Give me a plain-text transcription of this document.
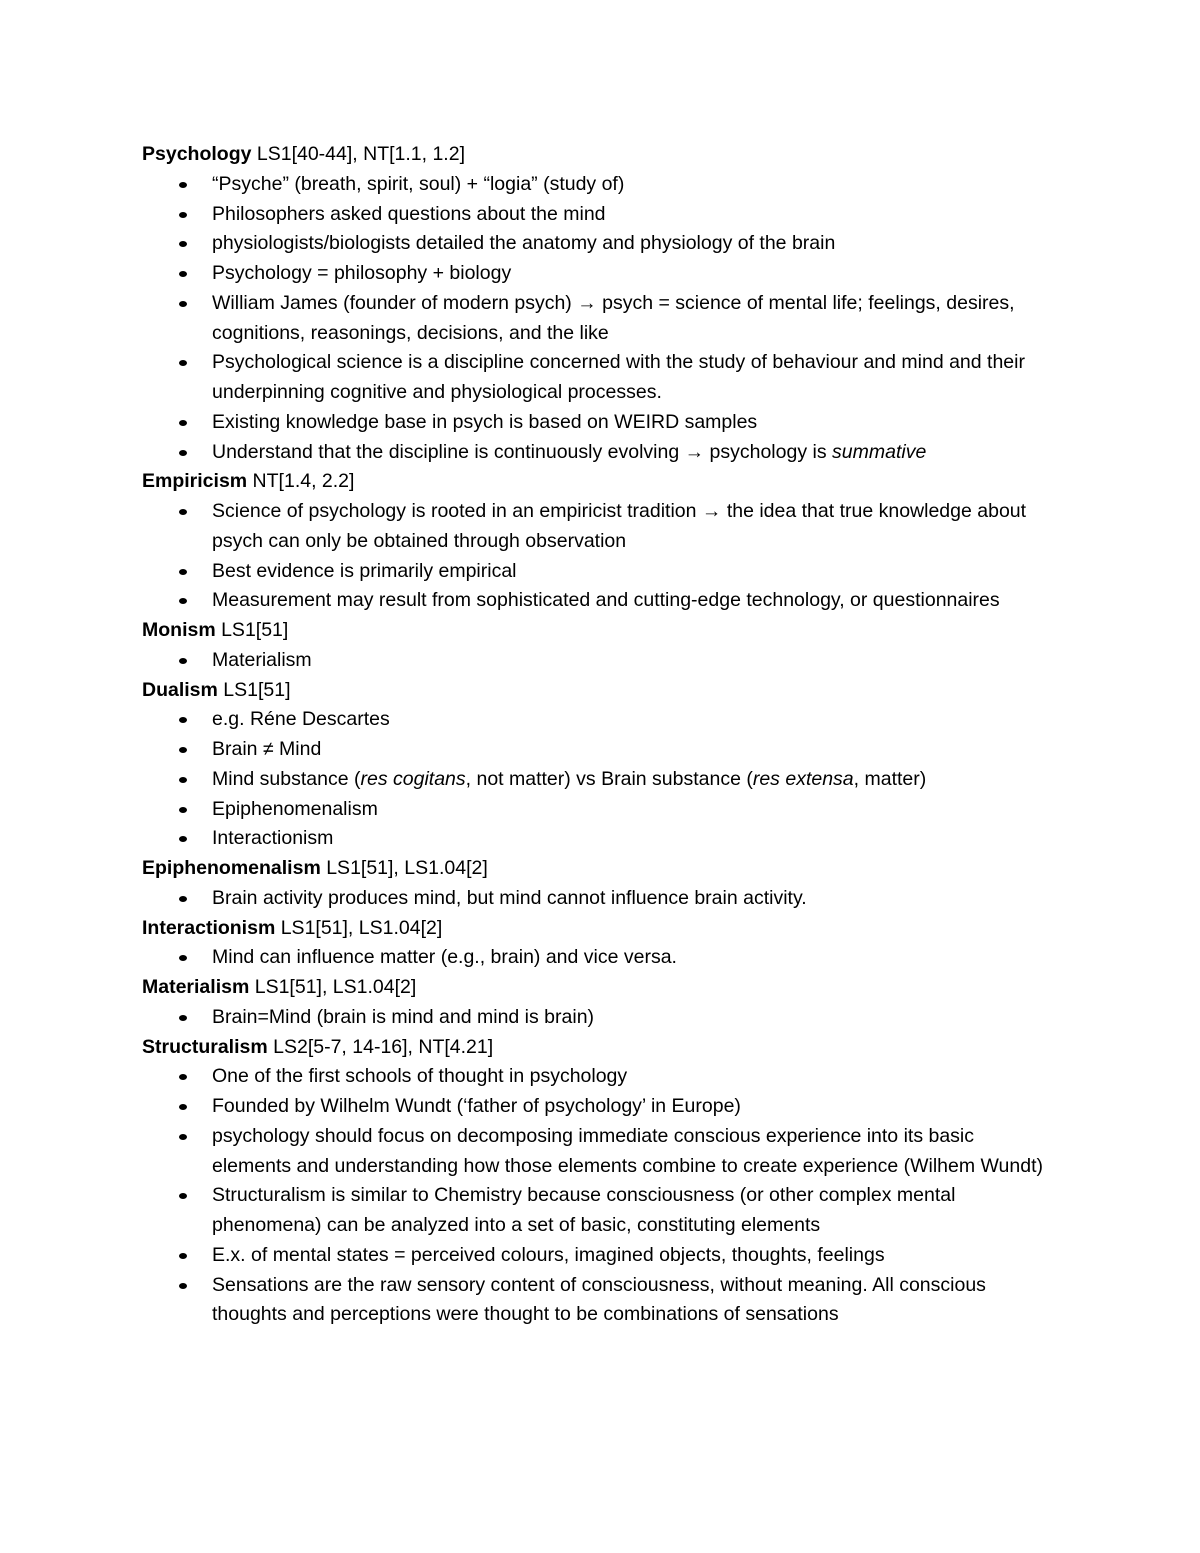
Psychology LS1[40-44], NT[1.1, 1.2]

“Psyche” (breath, spirit, soul) + “logia” (study of)
Philosophers asked questions about the mind
physiologists/biologists detailed the anatomy and physiology of the brain
Psychology = philosophy + biology
William James (founder of modern psych) → psych = science of mental life; feelings, desires, cognitions, reasonings, decisions, and the like
Psychological science is a discipline concerned with the study of behaviour and mind and their underpinning cognitive and physiological processes.
Existing knowledge base in psych is based on WEIRD samples
Understand that the discipline is continuously evolving → psychology is summative

Empiricism NT[1.4, 2.2]

Science of psychology is rooted in an empiricist tradition → the idea that true knowledge about psych can only be obtained through observation
Best evidence is primarily empirical
Measurement may result from sophisticated and cutting-edge technology, or questionnaires

Monism LS1[51]

Materialism

Dualism LS1[51]

e.g. Réne Descartes
Brain ≠ Mind
Mind substance (res cogitans, not matter) vs Brain substance (res extensa, matter)
Epiphenomenalism
Interactionism

Epiphenomenalism LS1[51], LS1.04[2]

Brain activity produces mind, but mind cannot influence brain activity.

Interactionism LS1[51], LS1.04[2]

Mind can influence matter (e.g., brain) and vice versa.

Materialism LS1[51], LS1.04[2]

Brain=Mind (brain is mind and mind is brain)

Structuralism LS2[5-7, 14-16], NT[4.21]

One of the first schools of thought in psychology
Founded by Wilhelm Wundt (‘father of psychology’ in Europe)
psychology should focus on decomposing immediate conscious experience into its basic elements and understanding how those elements combine to create experience (Wilhem Wundt)
Structuralism is similar to Chemistry because consciousness (or other complex mental phenomena) can be analyzed into a set of basic, constituting elements
E.x. of mental states = perceived colours, imagined objects, thoughts, feelings
Sensations are the raw sensory content of consciousness, without meaning. All conscious thoughts and perceptions were thought to be combinations of sensations
